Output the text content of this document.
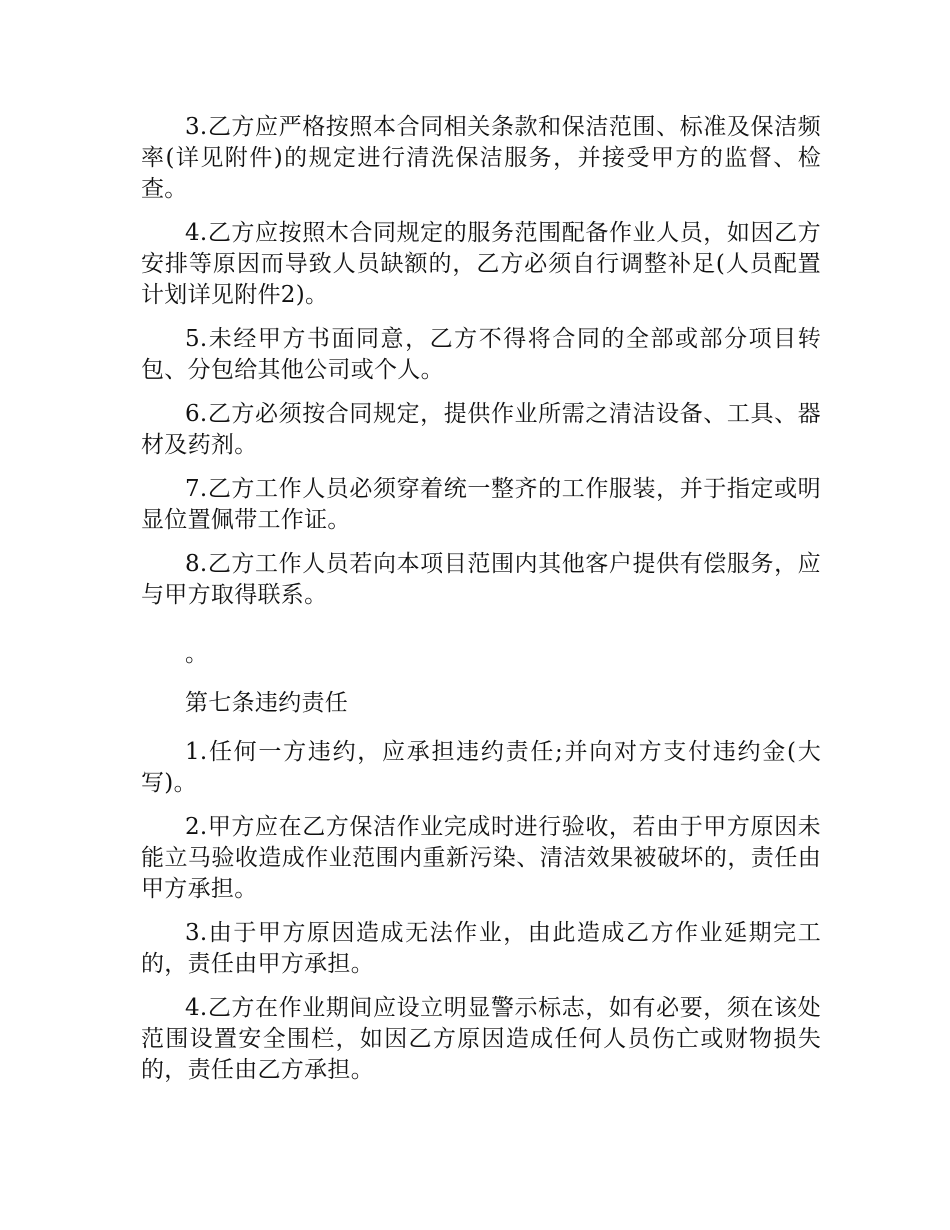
3.乙方应严格按照本合同相关条款和保洁范围、标准及保洁频率(详见附件)的规定进行清洗保洁服务，并接受甲方的监督、检查。

4.乙方应按照木合同规定的服务范围配备作业人员，如因乙方安排等原因而导致人员缺额的，乙方必须自行调整补足(人员配置计划详见附件2)。

5.未经甲方书面同意，乙方不得将合同的全部或部分项目转包、分包给其他公司或个人。

6.乙方必须按合同规定，提供作业所需之清洁设备、工具、器材及药剂。

7.乙方工作人员必须穿着统一整齐的工作服装，并于指定或明显位置佩带工作证。

8.乙方工作人员若向本项目范围内其他客户提供有偿服务，应与甲方取得联系。

。

第七条违约责任

1.任何一方违约，应承担违约责任;并向对方支付违约金(大写)。

2.甲方应在乙方保洁作业完成时进行验收，若由于甲方原因未能立马验收造成作业范围内重新污染、清洁效果被破坏的，责任由甲方承担。

3.由于甲方原因造成无法作业，由此造成乙方作业延期完工的，责任由甲方承担。

4.乙方在作业期间应设立明显警示标志，如有必要，须在该处范围设置安全围栏，如因乙方原因造成任何人员伤亡或财物损失的，责任由乙方承担。
